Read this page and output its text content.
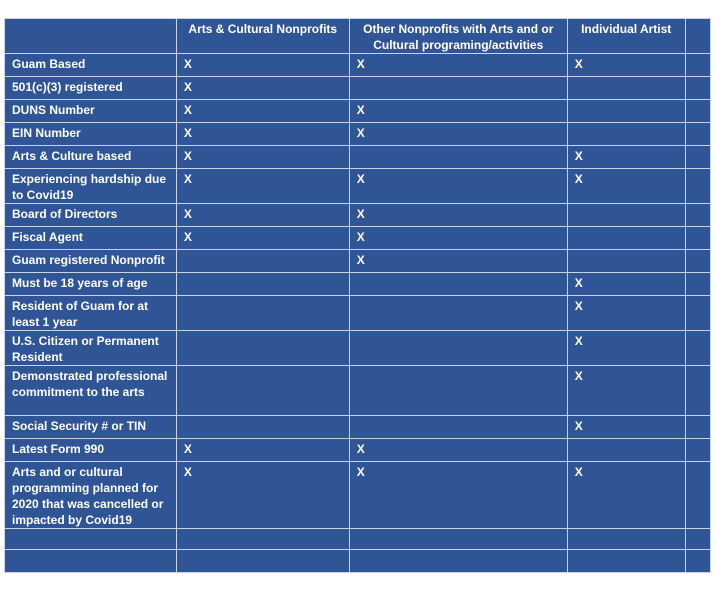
	Arts & Cultural Nonprofits	Other Nonprofits with Arts and or Cultural programing/activities	Individual Artist	
Guam Based	X	X	X	
501(c)(3) registered	X			
DUNS Number	X	X		
EIN Number	X	X		
Arts & Culture based	X		X	
Experiencing hardship due to Covid19	X	X	X	
Board of Directors	X	X		
Fiscal Agent	X	X		
Guam registered Nonprofit		X		
Must be 18 years of age			X	
Resident of Guam for at least 1 year			X	
U.S. Citizen or Permanent Resident			X	
Demonstrated professional commitment to the arts			X	
Social Security # or TIN			X	
Latest Form 990	X	X		
Arts and or cultural programming planned for 2020 that was cancelled or impacted by Covid19	X	X	X	
